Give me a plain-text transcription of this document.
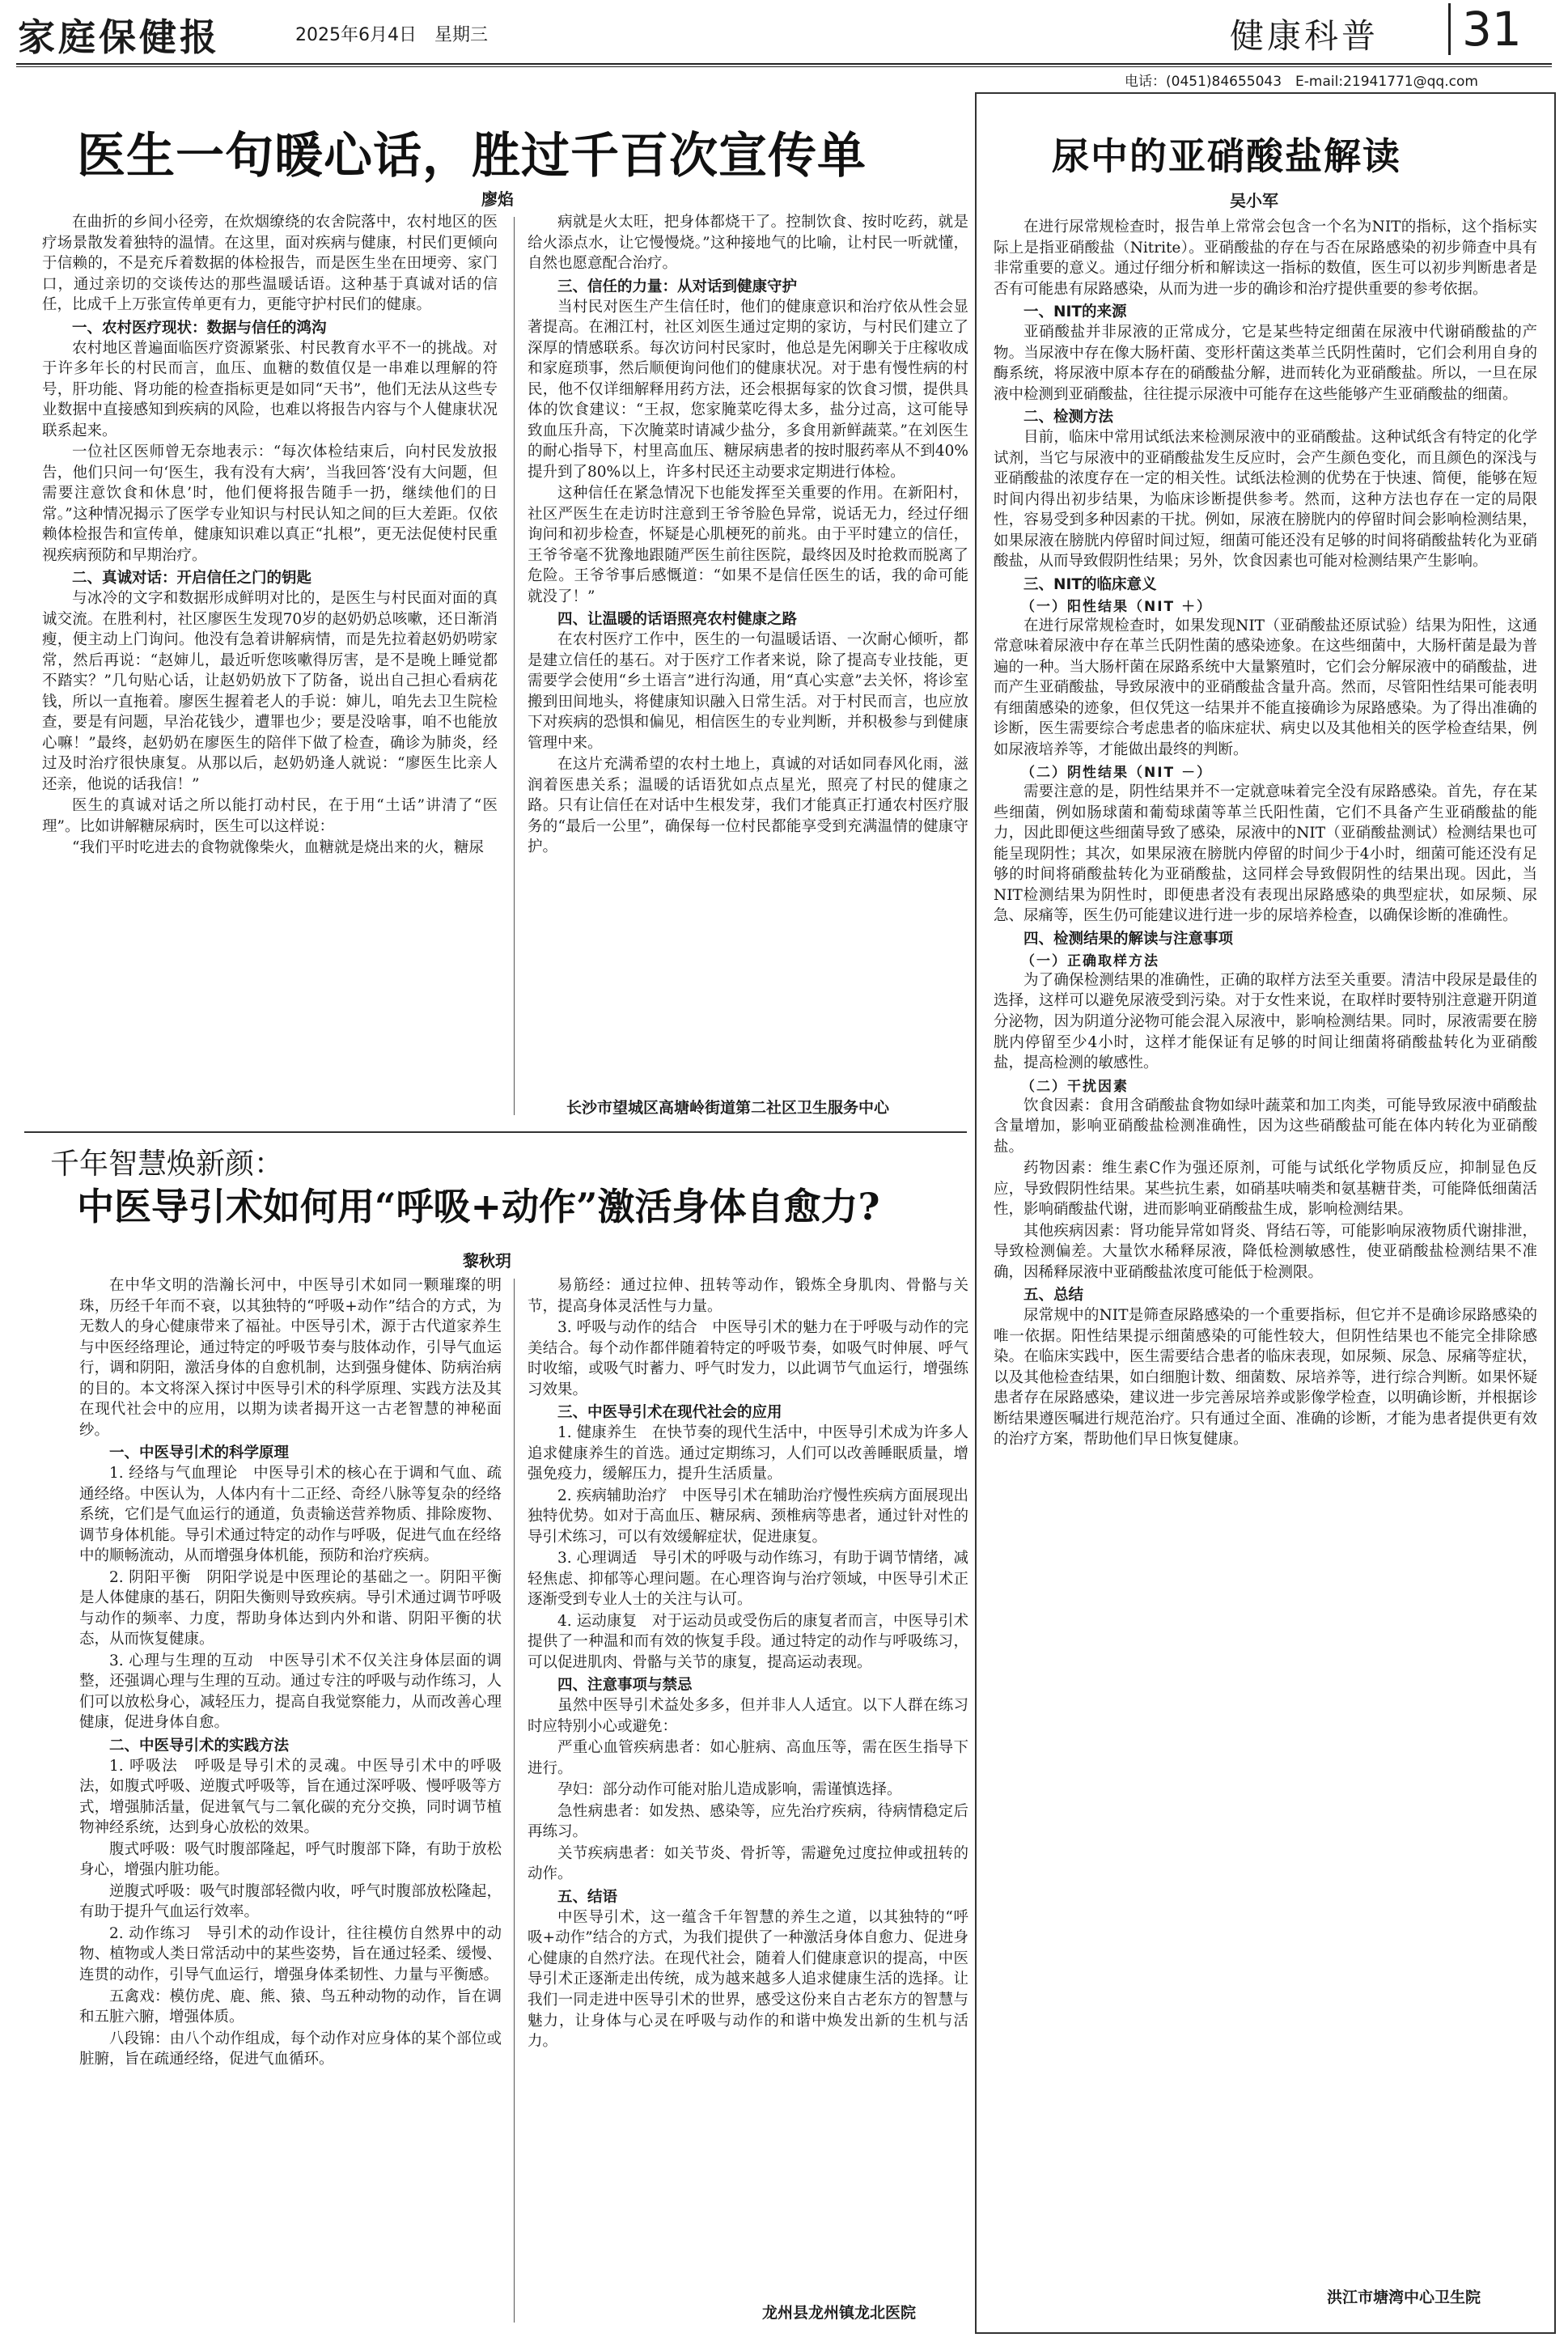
家庭保健报	2025年6月4日　星期三	健康科普 31
电话：(0451)84655043　E-mail:21941771@qq.com
医生一句暖心话，胜过千百次宣传单
廖焰

在曲折的乡间小径旁，在炊烟缭绕的农舍院落中，农村地区的医疗场景散发着独特的温情。在这里，面对疾病与健康，村民们更倾向于信赖的，不是充斥着数据的体检报告，而是医生坐在田埂旁、家门口，通过亲切的交谈传达的那些温暖话语。这种基于真诚对话的信任，比成千上万张宣传单更有力，更能守护村民们的健康。

一、农村医疗现状：数据与信任的鸿沟

农村地区普遍面临医疗资源紧张、村民教育水平不一的挑战。对于许多年长的村民而言，血压、血糖的数值仅是一串难以理解的符号，肝功能、肾功能的检查指标更是如同“天书”，他们无法从这些专业数据中直接感知到疾病的风险，也难以将报告内容与个人健康状况联系起来。

一位社区医师曾无奈地表示：“每次体检结束后，向村民发放报告，他们只问一句‘医生，我有没有大病’，当我回答‘没有大问题，但需要注意饮食和休息’时，他们便将报告随手一扔，继续他们的日常。”这种情况揭示了医学专业知识与村民认知之间的巨大差距。仅依赖体检报告和宣传单，健康知识难以真正“扎根”，更无法促使村民重视疾病预防和早期治疗。

二、真诚对话：开启信任之门的钥匙

与冰冷的文字和数据形成鲜明对比的，是医生与村民面对面的真诚交流。在胜利村，社区廖医生发现70岁的赵奶奶总咳嗽，还日渐消瘦，便主动上门询问。他没有急着讲解病情，而是先拉着赵奶奶唠家常，然后再说：“赵婶儿，最近听您咳嗽得厉害，是不是晚上睡觉都不踏实？”几句贴心话，让赵奶奶放下了防备，说出自己担心看病花钱，所以一直拖着。廖医生握着老人的手说：婶儿，咱先去卫生院检查，要是有问题，早治花钱少，遭罪也少；要是没啥事，咱不也能放心嘛！”最终，赵奶奶在廖医生的陪伴下做了检查，确诊为肺炎，经过及时治疗很快康复。从那以后，赵奶奶逢人就说：“廖医生比亲人还亲，他说的话我信！”

医生的真诚对话之所以能打动村民，在于用“土话”讲清了“医理”。比如讲解糖尿病时，医生可以这样说：

“我们平时吃进去的食物就像柴火，血糖就是烧出来的火，糖尿

病就是火太旺，把身体都烧干了。控制饮食、按时吃药，就是给火添点水，让它慢慢烧。”这种接地气的比喻，让村民一听就懂，自然也愿意配合治疗。

三、信任的力量：从对话到健康守护

当村民对医生产生信任时，他们的健康意识和治疗依从性会显著提高。在湘江村，社区刘医生通过定期的家访，与村民们建立了深厚的情感联系。每次访问村民家时，他总是先闲聊关于庄稼收成和家庭琐事，然后顺便询问他们的健康状况。对于患有慢性病的村民，他不仅详细解释用药方法，还会根据每家的饮食习惯，提供具体的饮食建议：“王叔，您家腌菜吃得太多，盐分过高，这可能导致血压升高，下次腌菜时请减少盐分，多食用新鲜蔬菜。”在刘医生的耐心指导下，村里高血压、糖尿病患者的按时服药率从不到40%提升到了80%以上，许多村民还主动要求定期进行体检。

这种信任在紧急情况下也能发挥至关重要的作用。在新阳村，社区严医生在走访时注意到王爷爷脸色异常，说话无力，经过仔细询问和初步检查，怀疑是心肌梗死的前兆。由于平时建立的信任，王爷爷毫不犹豫地跟随严医生前往医院，最终因及时抢救而脱离了危险。王爷爷事后感慨道：“如果不是信任医生的话，我的命可能就没了！”

四、让温暖的话语照亮农村健康之路

在农村医疗工作中，医生的一句温暖话语、一次耐心倾听，都是建立信任的基石。对于医疗工作者来说，除了提高专业技能，更需要学会使用“乡土语言”进行沟通，用“真心实意”去关怀，将诊室搬到田间地头，将健康知识融入日常生活。对于村民而言，也应放下对疾病的恐惧和偏见，相信医生的专业判断，并积极参与到健康管理中来。

在这片充满希望的农村土地上，真诚的对话如同春风化雨，滋润着医患关系；温暖的话语犹如点点星光，照亮了村民的健康之路。只有让信任在对话中生根发芽，我们才能真正打通农村医疗服务的“最后一公里”，确保每一位村民都能享受到充满温情的健康守护。

长沙市望城区高塘岭街道第二社区卫生服务中心
千年智慧焕新颜：
中医导引术如何用“呼吸+动作”激活身体自愈力?
黎秋玥

在中华文明的浩瀚长河中，中医导引术如同一颗璀璨的明珠，历经千年而不衰，以其独特的“呼吸+动作”结合的方式，为无数人的身心健康带来了福祉。中医导引术，源于古代道家养生与中医经络理论，通过特定的呼吸节奏与肢体动作，引导气血运行，调和阴阳，激活身体的自愈机制，达到强身健体、防病治病的目的。本文将深入探讨中医导引术的科学原理、实践方法及其在现代社会中的应用，以期为读者揭开这一古老智慧的神秘面纱。

一、中医导引术的科学原理

1. 经络与气血理论　中医导引术的核心在于调和气血、疏通经络。中医认为，人体内有十二正经、奇经八脉等复杂的经络系统，它们是气血运行的通道，负责输送营养物质、排除废物、调节身体机能。导引术通过特定的动作与呼吸，促进气血在经络中的顺畅流动，从而增强身体机能，预防和治疗疾病。

2. 阴阳平衡　阴阳学说是中医理论的基础之一。阴阳平衡是人体健康的基石，阴阳失衡则导致疾病。导引术通过调节呼吸与动作的频率、力度，帮助身体达到内外和谐、阴阳平衡的状态，从而恢复健康。

3. 心理与生理的互动　中医导引术不仅关注身体层面的调整，还强调心理与生理的互动。通过专注的呼吸与动作练习，人们可以放松身心，减轻压力，提高自我觉察能力，从而改善心理健康，促进身体自愈。

二、中医导引术的实践方法

1. 呼吸法　呼吸是导引术的灵魂。中医导引术中的呼吸法，如腹式呼吸、逆腹式呼吸等，旨在通过深呼吸、慢呼吸等方式，增强肺活量，促进氧气与二氧化碳的充分交换，同时调节植物神经系统，达到身心放松的效果。

腹式呼吸：吸气时腹部隆起，呼气时腹部下降，有助于放松身心，增强内脏功能。

逆腹式呼吸：吸气时腹部轻微内收，呼气时腹部放松隆起，有助于提升气血运行效率。

2. 动作练习　导引术的动作设计，往往模仿自然界中的动物、植物或人类日常活动中的某些姿势，旨在通过轻柔、缓慢、连贯的动作，引导气血运行，增强身体柔韧性、力量与平衡感。

五禽戏：模仿虎、鹿、熊、猿、鸟五种动物的动作，旨在调和五脏六腑，增强体质。

八段锦：由八个动作组成，每个动作对应身体的某个部位或脏腑，旨在疏通经络，促进气血循环。

易筋经：通过拉伸、扭转等动作，锻炼全身肌肉、骨骼与关节，提高身体灵活性与力量。

3. 呼吸与动作的结合　中医导引术的魅力在于呼吸与动作的完美结合。每个动作都伴随着特定的呼吸节奏，如吸气时伸展、呼气时收缩，或吸气时蓄力、呼气时发力，以此调节气血运行，增强练习效果。

三、中医导引术在现代社会的应用

1. 健康养生　在快节奏的现代生活中，中医导引术成为许多人追求健康养生的首选。通过定期练习，人们可以改善睡眠质量，增强免疫力，缓解压力，提升生活质量。

2. 疾病辅助治疗　中医导引术在辅助治疗慢性疾病方面展现出独特优势。如对于高血压、糖尿病、颈椎病等患者，通过针对性的导引术练习，可以有效缓解症状，促进康复。

3. 心理调适　导引术的呼吸与动作练习，有助于调节情绪，减轻焦虑、抑郁等心理问题。在心理咨询与治疗领域，中医导引术正逐渐受到专业人士的关注与认可。

4. 运动康复　对于运动员或受伤后的康复者而言，中医导引术提供了一种温和而有效的恢复手段。通过特定的动作与呼吸练习，可以促进肌肉、骨骼与关节的康复，提高运动表现。

四、注意事项与禁忌

虽然中医导引术益处多多，但并非人人适宜。以下人群在练习时应特别小心或避免：

严重心血管疾病患者：如心脏病、高血压等，需在医生指导下进行。

孕妇：部分动作可能对胎儿造成影响，需谨慎选择。

急性病患者：如发热、感染等，应先治疗疾病，待病情稳定后再练习。

关节疾病患者：如关节炎、骨折等，需避免过度拉伸或扭转的动作。

五、结语

中医导引术，这一蕴含千年智慧的养生之道，以其独特的“呼吸+动作”结合的方式，为我们提供了一种激活身体自愈力、促进身心健康的自然疗法。在现代社会，随着人们健康意识的提高，中医导引术正逐渐走出传统，成为越来越多人追求健康生活的选择。让我们一同走进中医导引术的世界，感受这份来自古老东方的智慧与魅力，让身体与心灵在呼吸与动作的和谐中焕发出新的生机与活力。

龙州县龙州镇龙北医院
尿中的亚硝酸盐解读
吴小军

在进行尿常规检查时，报告单上常常会包含一个名为NIT的指标，这个指标实际上是指亚硝酸盐（Nitrite）。亚硝酸盐的存在与否在尿路感染的初步筛查中具有非常重要的意义。通过仔细分析和解读这一指标的数值，医生可以初步判断患者是否有可能患有尿路感染，从而为进一步的确诊和治疗提供重要的参考依据。

一、NIT的来源

亚硝酸盐并非尿液的正常成分，它是某些特定细菌在尿液中代谢硝酸盐的产物。当尿液中存在像大肠杆菌、变形杆菌这类革兰氏阴性菌时，它们会利用自身的酶系统，将尿液中原本存在的硝酸盐分解，进而转化为亚硝酸盐。所以，一旦在尿液中检测到亚硝酸盐，往往提示尿液中可能存在这些能够产生亚硝酸盐的细菌。

二、检测方法

目前，临床中常用试纸法来检测尿液中的亚硝酸盐。这种试纸含有特定的化学试剂，当它与尿液中的亚硝酸盐发生反应时，会产生颜色变化，而且颜色的深浅与亚硝酸盐的浓度存在一定的相关性。试纸法检测的优势在于快速、简便，能够在短时间内得出初步结果，为临床诊断提供参考。然而，这种方法也存在一定的局限性，容易受到多种因素的干扰。例如，尿液在膀胱内的停留时间会影响检测结果，如果尿液在膀胱内停留时间过短，细菌可能还没有足够的时间将硝酸盐转化为亚硝酸盐，从而导致假阴性结果；另外，饮食因素也可能对检测结果产生影响。

三、NIT的临床意义
（一）阳性结果（NIT ＋）

在进行尿常规检查时，如果发现NIT（亚硝酸盐还原试验）结果为阳性，这通常意味着尿液中存在革兰氏阴性菌的感染迹象。在这些细菌中，大肠杆菌是最为普遍的一种。当大肠杆菌在尿路系统中大量繁殖时，它们会分解尿液中的硝酸盐，进而产生亚硝酸盐，导致尿液中的亚硝酸盐含量升高。然而，尽管阳性结果可能表明有细菌感染的迹象，但仅凭这一结果并不能直接确诊为尿路感染。为了得出准确的诊断，医生需要综合考虑患者的临床症状、病史以及其他相关的医学检查结果，例如尿液培养等，才能做出最终的判断。

（二）阴性结果（NIT －）

需要注意的是，阴性结果并不一定就意味着完全没有尿路感染。首先，存在某些细菌，例如肠球菌和葡萄球菌等革兰氏阳性菌，它们不具备产生亚硝酸盐的能力，因此即便这些细菌导致了感染，尿液中的NIT（亚硝酸盐测试）检测结果也可能呈现阴性；其次，如果尿液在膀胱内停留的时间少于4小时，细菌可能还没有足够的时间将硝酸盐转化为亚硝酸盐，这同样会导致假阴性的结果出现。因此，当NIT检测结果为阴性时，即便患者没有表现出尿路感染的典型症状，如尿频、尿急、尿痛等，医生仍可能建议进行进一步的尿培养检查，以确保诊断的准确性。

四、检测结果的解读与注意事项
（一）正确取样方法

为了确保检测结果的准确性，正确的取样方法至关重要。清洁中段尿是最佳的选择，这样可以避免尿液受到污染。对于女性来说，在取样时要特别注意避开阴道分泌物，因为阴道分泌物可能会混入尿液中，影响检测结果。同时，尿液需要在膀胱内停留至少4小时，这样才能保证有足够的时间让细菌将硝酸盐转化为亚硝酸盐，提高检测的敏感性。

（二）干扰因素

饮食因素：食用含硝酸盐食物如绿叶蔬菜和加工肉类，可能导致尿液中硝酸盐含量增加，影响亚硝酸盐检测准确性，因为这些硝酸盐可能在体内转化为亚硝酸盐。

药物因素：维生素C作为强还原剂，可能与试纸化学物质反应，抑制显色反应，导致假阴性结果。某些抗生素，如硝基呋喃类和氨基糖苷类，可能降低细菌活性，影响硝酸盐代谢，进而影响亚硝酸盐生成，影响检测结果。

其他疾病因素：肾功能异常如肾炎、肾结石等，可能影响尿液物质代谢排泄，导致检测偏差。大量饮水稀释尿液，降低检测敏感性，使亚硝酸盐检测结果不准确，因稀释尿液中亚硝酸盐浓度可能低于检测限。

五、总结

尿常规中的NIT是筛查尿路感染的一个重要指标，但它并不是确诊尿路感染的唯一依据。阳性结果提示细菌感染的可能性较大，但阴性结果也不能完全排除感染。在临床实践中，医生需要结合患者的临床表现，如尿频、尿急、尿痛等症状，以及其他检查结果，如白细胞计数、细菌数、尿培养等，进行综合判断。如果怀疑患者存在尿路感染，建议进一步完善尿培养或影像学检查，以明确诊断，并根据诊断结果遵医嘱进行规范治疗。只有通过全面、准确的诊断，才能为患者提供更有效的治疗方案，帮助他们早日恢复健康。

洪江市塘湾中心卫生院
